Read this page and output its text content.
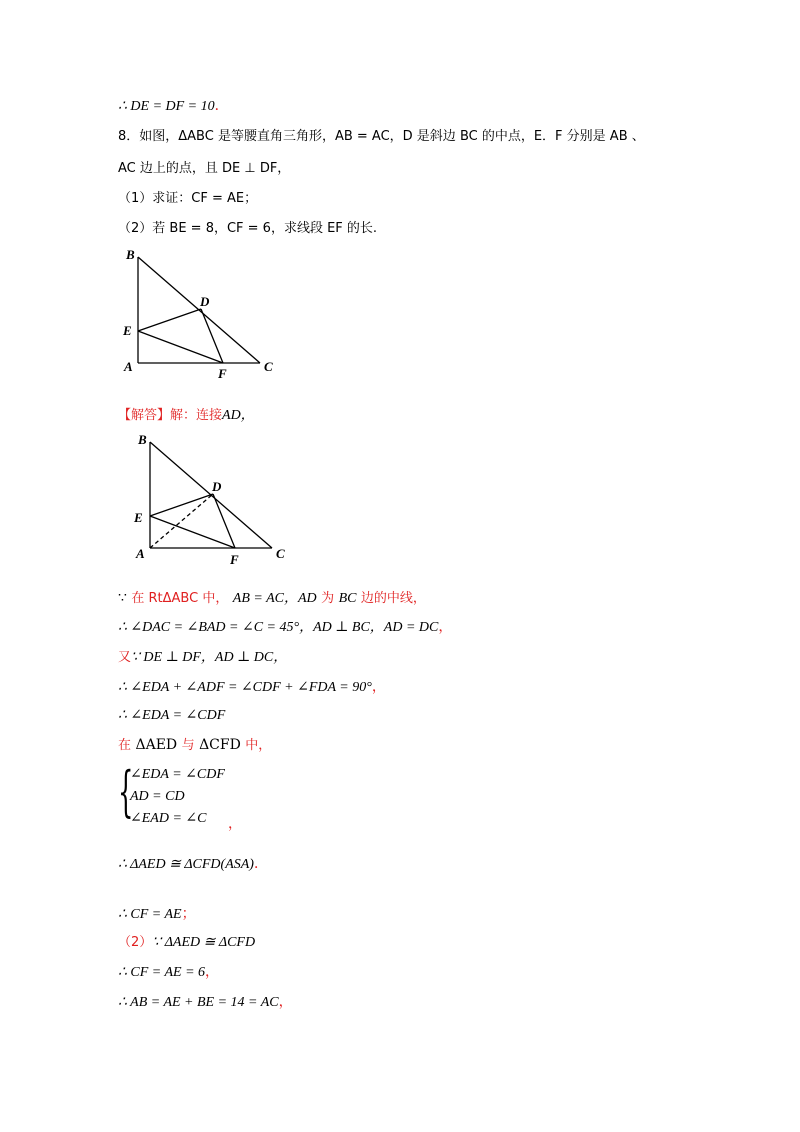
∴ DE = DF = 10．
8．如图，ΔABC 是等腰直角三角形，AB = AC，D 是斜边 BC 的中点，E．F 分别是 AB 、
AC 边上的点，且 DE ⊥ DF，
（1）求证：CF = AE；
（2）若 BE = 8，CF = 6，求线段 EF 的长.
B
D
E
A	F	C
【解答】解：连接AD，
B
D
E
A	F	C
∵ 在 RtΔABC 中， AB = AC，AD 为 BC 边的中线，
∴ ∠DAC = ∠BAD = ∠C = 45°，AD ⊥ BC，AD = DC，
又∵ DE ⊥ DF，AD ⊥ DC，
∴ ∠EDA + ∠ADF = ∠CDF + ∠FDA = 90°，
∴ ∠EDA = ∠CDF
在 ΔAED 与 ΔCFD 中，
{
∠EDA = ∠CDF
AD = CD
∠EAD = ∠C ，
∴ ΔAED ≅ ΔCFD(ASA)．
∴ CF = AE；
（2）∵ ΔAED ≅ ΔCFD
∴ CF = AE = 6，
∴ AB = AE + BE = 14 = AC，
